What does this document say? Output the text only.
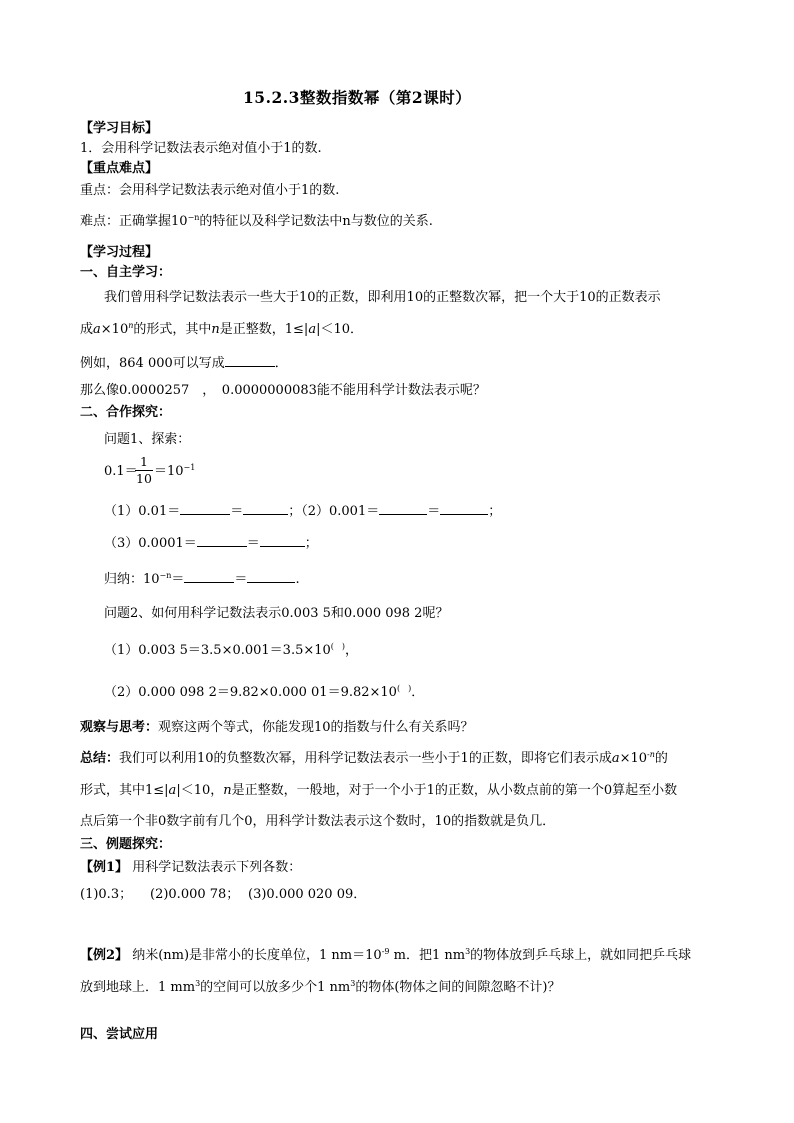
15.2.3整数指数幂（第2课时）
【学习目标】
1．会用科学记数法表示绝对值小于1的数.
【重点难点】
重点：会用科学记数法表示绝对值小于1的数.
难点：正确掌握$10^{-n}$的特征以及科学记数法中n与数位的关系.
【学习过程】
一、自主学习：
我们曾用科学记数法表示一些大于10的正数，即利用10的正整数次幂，把一个大于10的正数表示
成$a\times 10^n$的形式，其中n是正整数，1≤|a|＜10．
例如，864 000可以写成	．
那么像0.0000257　，　0.0000000083能不能用科学计数法表示呢？
二、合作探究：
问题1、探索：
0.1＝
1
$10 =10^{-1}$
（1）0.01＝	＝	；（2）0.001＝	＝	；
（3）0.0001＝	＝	；
归纳：$10^{-n}=$	＝	.
问题2、如何用科学记数法表示0.003 5和0.000 098 2呢？
（1）0.003 5＝3.5×0.001＝3.5×10(　)，
（2）0.000 098 2＝9.82×0.000 01＝9.82×10(　)．
观察与思考：观察这两个等式，你能发现10的指数与什么有关系吗？
总结：我们可以利用10的负整数次幂，用科学记数法表示一些小于1的正数，即将它们表示成$a\times 10^{-n}$的
形式，其中1≤|a|＜10，n是正整数，一般地，对于一个小于1的正数，从小数点前的第一个0算起至小数
点后第一个非0数字前有几个0，用科学计数法表示这个数时，10的指数就是负几．
三、例题探究：
【例1】 用科学记数法表示下列各数：
(1)0.3； (2)0.000 78； (3)0.000 020 09．
【例2】 纳米(nm)是非常小的长度单位，1 $nm=10^{-9}$ m．把1 $nm^3$的物体放到乒乓球上，就如同把乒乓球
放到地球上．1 $mm^3$的空间可以放多少个1 $nm^3$的物体(物体之间的间隙忽略不计)？
四、尝试应用
